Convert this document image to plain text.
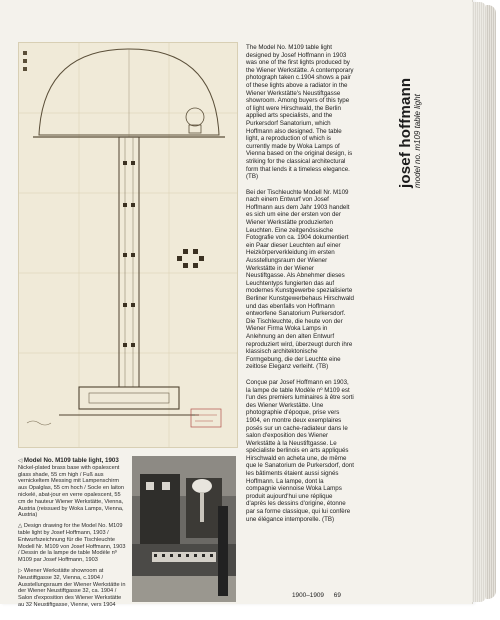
◁ Model No. M109 table light, 1903
Nickel-plated brass base with opalescent glass shade, 55 cm high / Fuß aus vernickeltem Messing mit Lampenschirm aus Opalglas, 55 cm hoch / Socle en laiton nickelé, abat-jour en verre opalescent, 55 cm de hauteur Wiener Werkstätte, Vienna, Austria (reissued by Woka Lamps, Vienna, Austria)

△ Design drawing for the Model No. M109 table light by Josef Hoffmann, 1903 / Entwurfszeichnung für die Tischleuchte Modell Nr. M109 von Josef Hoffmann, 1903 / Dessin de la lampe de table Modèle nº M109 par Josef Hoffmann, 1903

▷ Wiener Werkstätte showroom at Neustiftgasse 32, Vienna, c.1904 / Ausstellungsraum der Wiener Werkstätte in der Wiener Neustiftgasse 32, ca. 1904 / Salon d'exposition des Wiener Werkstätte au 32 Neustiftgasse, Vienne, vers 1904

The Model No. M109 table light designed by Josef Hoffmann in 1903 was one of the first lights produced by the Wiener Werkstätte. A contemporary photograph taken c.1904 shows a pair of these lights above a radiator in the Wiener Werkstätte's Neustiftgasse showroom. Among buyers of this type of light were Hirschwald, the Berlin applied arts specialists, and the Purkersdorf Sanatorium, which Hoffmann also designed. The table light, a reproduction of which is currently made by Woka Lamps of Vienna based on the original design, is striking for the classical architectural form that lends it a timeless elegance. (TB)

Bei der Tischleuchte Modell Nr. M109 nach einem Entwurf von Josef Hoffmann aus dem Jahr 1903 handelt es sich um eine der ersten von der Wiener Werkstätte produzierten Leuchten. Eine zeitgenössische Fotografie von ca. 1904 dokumentiert ein Paar dieser Leuchten auf einer Heizkörperverkleidung im ersten Ausstellungsraum der Wiener Werkstätte in der Wiener Neustiftgasse. Als Abnehmer dieses Leuchtentyps fungierten das auf modernes Kunstgewerbe spezialisierte Berliner Kunstgewerbehaus Hirschwald und das ebenfalls von Hoffmann entworfene Sanatorium Purkersdorf. Die Tischleuchte, die heute von der Wiener Firma Woka Lamps in Anlehnung an den alten Entwurf reproduziert wird, überzeugt durch ihre klassisch architektonische Formgebung, die der Leuchte eine zeitlose Eleganz verleiht. (TB)

Conçue par Josef Hoffmann en 1903, la lampe de table Modèle nº M109 est l'un des premiers luminaires à être sorti des Wiener Werkstätte. Une photographie d'époque, prise vers 1904, en montre deux exemplaires posés sur un cache-radiateur dans le salon d'exposition des Wiener Werkstätte à la Neustiftgasse. Le spécialiste berlinois en arts appliqués Hirschwald en acheta une, de même que le Sanatorium de Purkersdorf, dont les bâtiments étaient aussi signés Hoffmann. La lampe, dont la compagnie viennoise Woka Lamps produit aujourd'hui une réplique d'après les dessins d'origine, étonne par sa forme classique, qui lui confère une élégance intemporelle. (TB)

josef hoffmann model no. m109 table light
1900–1909 69
